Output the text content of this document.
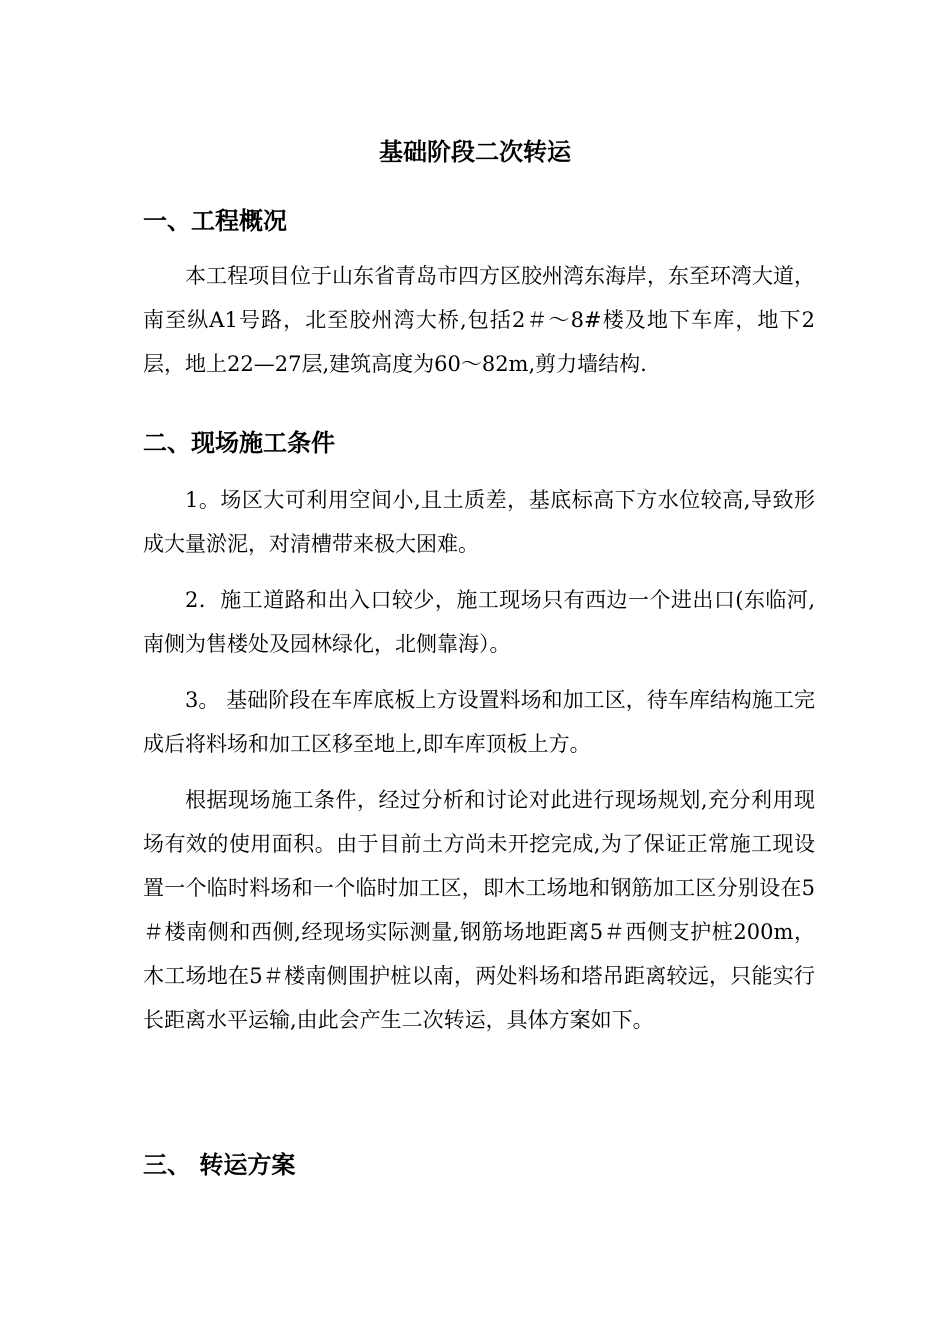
基础阶段二次转运
一、工程概况

本工程项目位于山东省青岛市四方区胶州湾东海岸，东至环湾大道，南至纵A1号路，北至胶州湾大桥,包括2＃～8#楼及地下车库，地下2层，地上22—27层,建筑高度为60～82m,剪力墙结构.

二、现场施工条件

1。场区大可利用空间小,且土质差，基底标高下方水位较高,导致形成大量淤泥，对清槽带来极大困难。

2．施工道路和出入口较少，施工现场只有西边一个进出口(东临河,南侧为售楼处及园林绿化，北侧靠海）。

3。 基础阶段在车库底板上方设置料场和加工区，待车库结构施工完成后将料场和加工区移至地上,即车库顶板上方。

根据现场施工条件，经过分析和讨论对此进行现场规划,充分利用现场有效的使用面积。由于目前土方尚未开挖完成,为了保证正常施工现设置一个临时料场和一个临时加工区，即木工场地和钢筋加工区分别设在5＃楼南侧和西侧,经现场实际测量,钢筋场地距离5＃西侧支护桩200m，木工场地在5＃楼南侧围护桩以南，两处料场和塔吊距离较远，只能实行长距离水平运输,由此会产生二次转运，具体方案如下。

三、 转运方案
